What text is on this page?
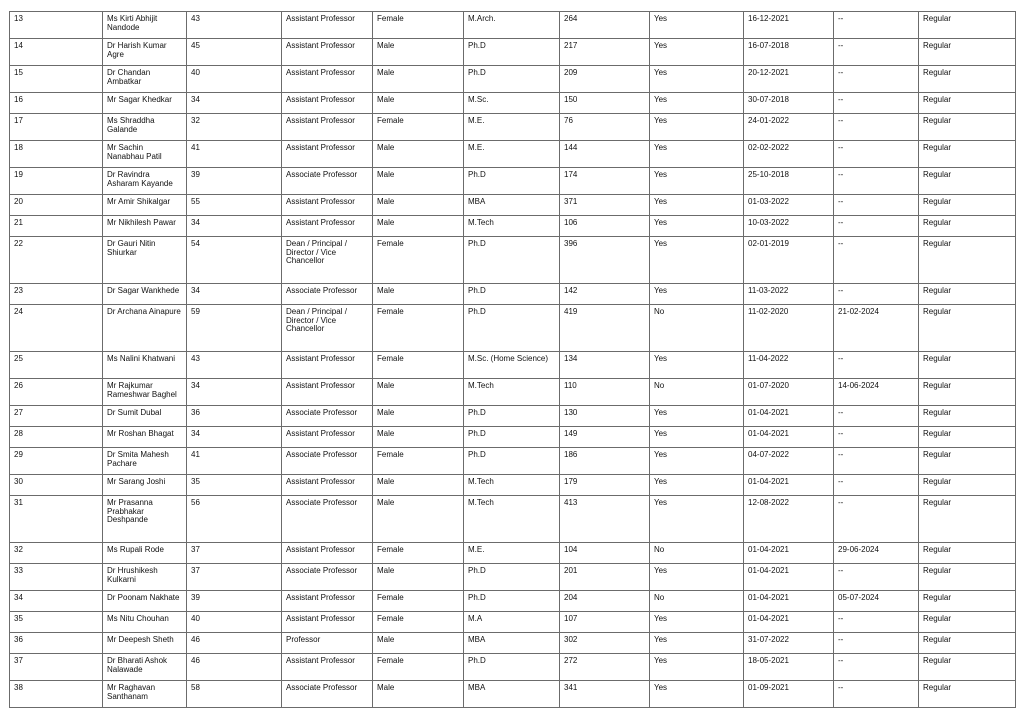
13	Ms Kirti Abhijit Nandode	43	Assistant Professor	Female	M.Arch.	264	Yes	16-12-2021	--	Regular
14	Dr Harish Kumar Agre	45	Assistant Professor	Male	Ph.D	217	Yes	16-07-2018	--	Regular
15	Dr Chandan Ambatkar	40	Assistant Professor	Male	Ph.D	209	Yes	20-12-2021	--	Regular
16	Mr Sagar Khedkar	34	Assistant Professor	Male	M.Sc.	150	Yes	30-07-2018	--	Regular
17	Ms Shraddha Galande	32	Assistant Professor	Female	M.E.	76	Yes	24-01-2022	--	Regular
18	Mr Sachin Nanabhau Patil	41	Assistant Professor	Male	M.E.	144	Yes	02-02-2022	--	Regular
19	Dr Ravindra Asharam Kayande	39	Associate Professor	Male	Ph.D	174	Yes	25-10-2018	--	Regular
20	Mr Amir Shikalgar	55	Assistant Professor	Male	MBA	371	Yes	01-03-2022	--	Regular
21	Mr Nikhilesh Pawar	34	Assistant Professor	Male	M.Tech	106	Yes	10-03-2022	--	Regular
22	Dr Gauri Nitin Shiurkar	54	Dean / Principal / Director / Vice Chancellor	Female	Ph.D	396	Yes	02-01-2019	--	Regular
23	Dr Sagar Wankhede	34	Associate Professor	Male	Ph.D	142	Yes	11-03-2022	--	Regular
24	Dr Archana Ainapure	59	Dean / Principal / Director / Vice Chancellor	Female	Ph.D	419	No	11-02-2020	21-02-2024	Regular
25	Ms Nalini Khatwani	43	Assistant Professor	Female	M.Sc. (Home Science)	134	Yes	11-04-2022	--	Regular
26	Mr Rajkumar Rameshwar Baghel	34	Assistant Professor	Male	M.Tech	110	No	01-07-2020	14-06-2024	Regular
27	Dr Sumit Dubal	36	Associate Professor	Male	Ph.D	130	Yes	01-04-2021	--	Regular
28	Mr Roshan Bhagat	34	Assistant Professor	Male	Ph.D	149	Yes	01-04-2021	--	Regular
29	Dr Smita Mahesh Pachare	41	Associate Professor	Female	Ph.D	186	Yes	04-07-2022	--	Regular
30	Mr Sarang Joshi	35	Assistant Professor	Male	M.Tech	179	Yes	01-04-2021	--	Regular
31	Mr Prasanna Prabhakar Deshpande	56	Associate Professor	Male	M.Tech	413	Yes	12-08-2022	--	Regular
32	Ms Rupali Rode	37	Assistant Professor	Female	M.E.	104	No	01-04-2021	29-06-2024	Regular
33	Dr Hrushikesh Kulkarni	37	Associate Professor	Male	Ph.D	201	Yes	01-04-2021	--	Regular
34	Dr Poonam Nakhate	39	Assistant Professor	Female	Ph.D	204	No	01-04-2021	05-07-2024	Regular
35	Ms Nitu Chouhan	40	Assistant Professor	Female	M.A	107	Yes	01-04-2021	--	Regular
36	Mr Deepesh Sheth	46	Professor	Male	MBA	302	Yes	31-07-2022	--	Regular
37	Dr Bharati Ashok Nalawade	46	Assistant Professor	Female	Ph.D	272	Yes	18-05-2021	--	Regular
38	Mr Raghavan Santhanam	58	Associate Professor	Male	MBA	341	Yes	01-09-2021	--	Regular
